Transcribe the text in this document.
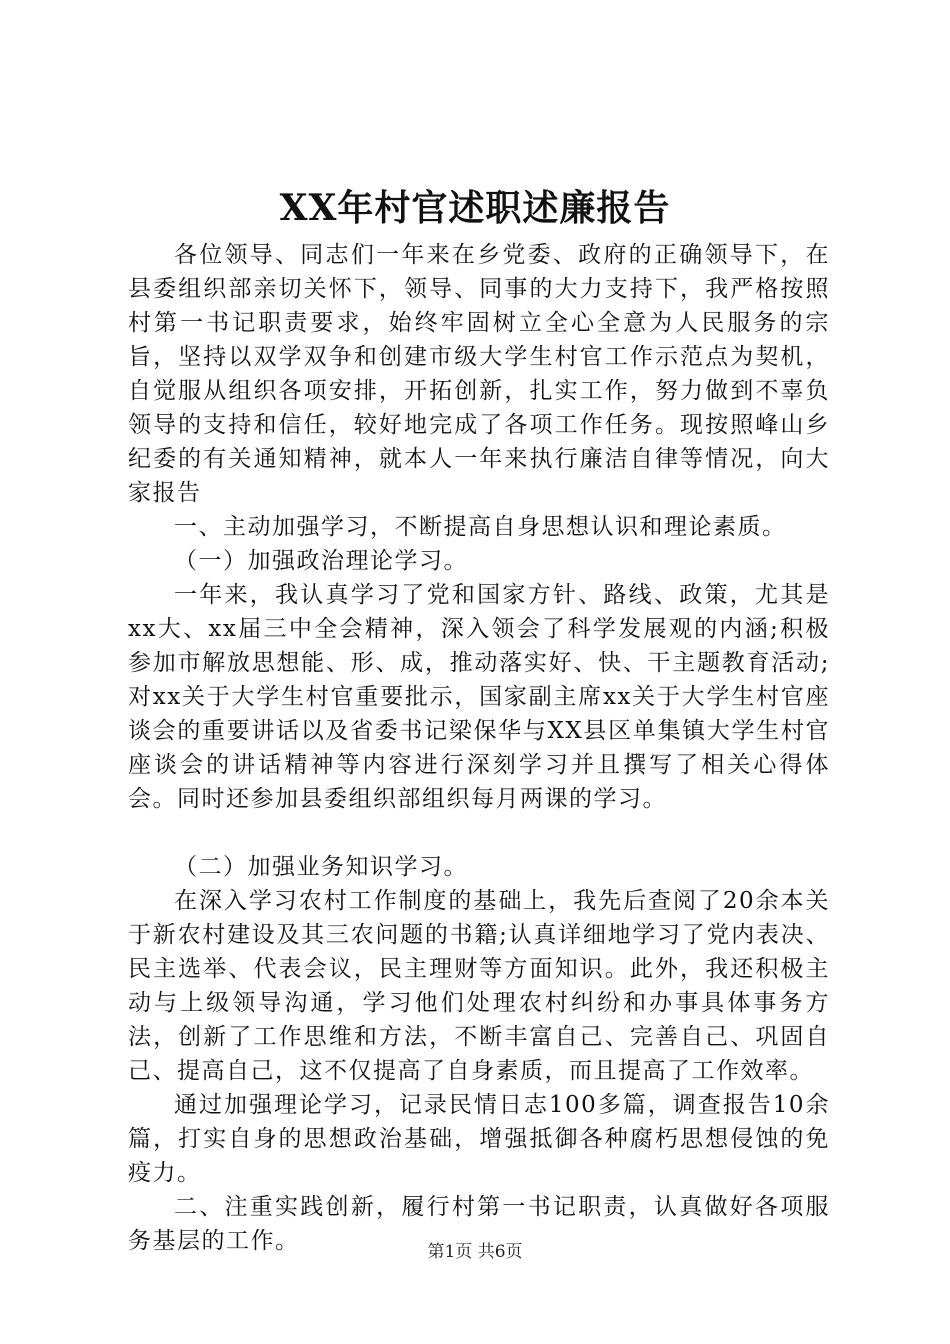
XX年村官述职述廉报告

各位领导、同志们一年来在乡党委、政府的正确领导下，在县委组织部亲切关怀下，领导、同事的大力支持下，我严格按照村第一书记职责要求，始终牢固树立全心全意为人民服务的宗旨，坚持以双学双争和创建市级大学生村官工作示范点为契机，自觉服从组织各项安排，开拓创新，扎实工作，努力做到不辜负领导的支持和信任，较好地完成了各项工作任务。现按照峰山乡纪委的有关通知精神，就本人一年来执行廉洁自律等情况，向大家报告

一、主动加强学习，不断提高自身思想认识和理论素质。

（一）加强政治理论学习。

一年来，我认真学习了党和国家方针、路线、政策，尤其是xx大、xx届三中全会精神，深入领会了科学发展观的内涵;积极参加市解放思想能、形、成，推动落实好、快、干主题教育活动;对xx关于大学生村官重要批示，国家副主席xx关于大学生村官座谈会的重要讲话以及省委书记梁保华与XX县区单集镇大学生村官座谈会的讲话精神等内容进行深刻学习并且撰写了相关心得体会。同时还参加县委组织部组织每月两课的学习。

（二）加强业务知识学习。

在深入学习农村工作制度的基础上，我先后查阅了20余本关于新农村建设及其三农问题的书籍;认真详细地学习了党内表决、民主选举、代表会议，民主理财等方面知识。此外，我还积极主动与上级领导沟通，学习他们处理农村纠纷和办事具体事务方法，创新了工作思维和方法，不断丰富自己、完善自己、巩固自己、提高自己，这不仅提高了自身素质，而且提高了工作效率。

通过加强理论学习，记录民情日志100多篇，调查报告10余篇，打实自身的思想政治基础，增强抵御各种腐朽思想侵蚀的免疫力。

二、注重实践创新，履行村第一书记职责，认真做好各项服务基层的工作。	第1页 共6页
